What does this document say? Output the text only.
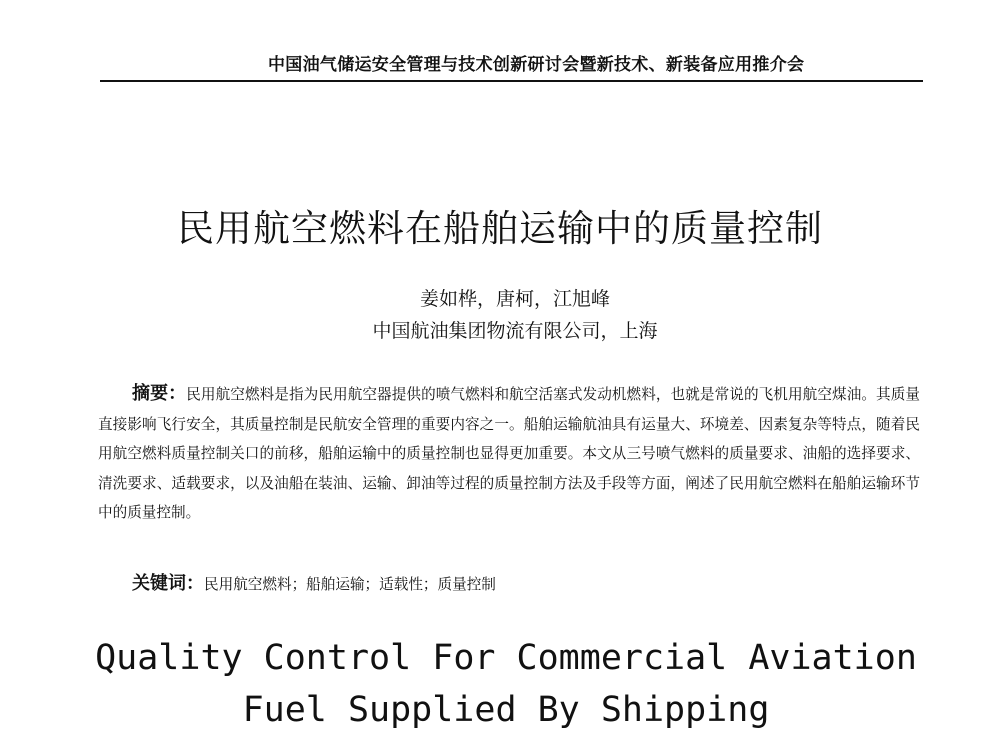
中国油气储运安全管理与技术创新研讨会暨新技术、新装备应用推介会
民用航空燃料在船舶运输中的质量控制
姜如桦，唐柯，江旭峰
中国航油集团物流有限公司，上海

摘要：民用航空燃料是指为民用航空器提供的喷气燃料和航空活塞式发动机燃料，也就是常说的飞机用航空煤油。其质量直接影响飞行安全，其质量控制是民航安全管理的重要内容之一。船舶运输航油具有运量大、环境差、因素复杂等特点，随着民用航空燃料质量控制关口的前移，船舶运输中的质量控制也显得更加重要。本文从三号喷气燃料的质量要求、油船的选择要求、清洗要求、适载要求，以及油船在装油、运输、卸油等过程的质量控制方法及手段等方面，阐述了民用航空燃料在船舶运输环节中的质量控制。

关键词：民用航空燃料；船舶运输；适载性；质量控制
Quality Control For Commercial Aviation
Fuel Supplied By Shipping
